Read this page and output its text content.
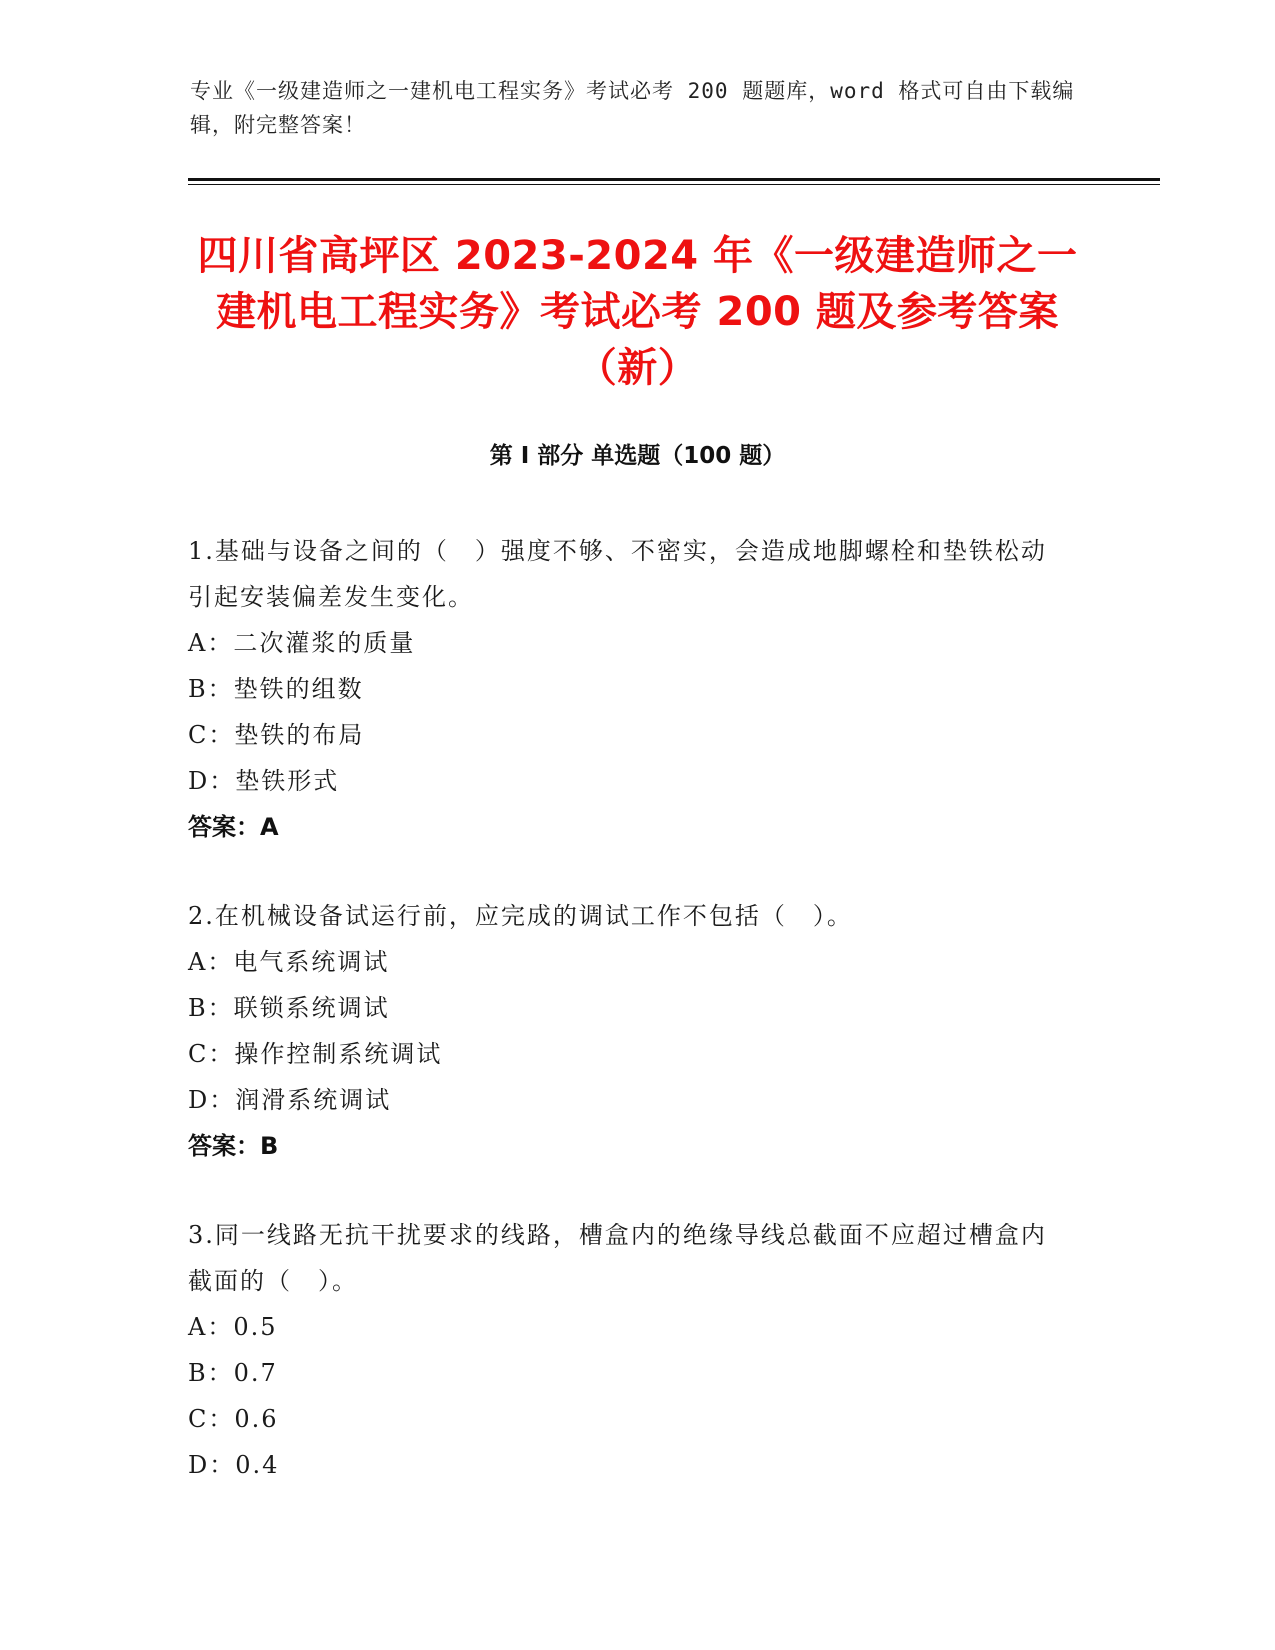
专业《一级建造师之一建机电工程实务》考试必考 200 题题库，word 格式可自由下载编辑，附完整答案！
四川省高坪区 2023-2024 年《一级建造师之一建机电工程实务》考试必考 200 题及参考答案（新）
第 I 部分 单选题（100 题）
1.基础与设备之间的（　）强度不够、不密实，会造成地脚螺栓和垫铁松动引起安装偏差发生变化。
A：二次灌浆的质量
B：垫铁的组数
C：垫铁的布局
D：垫铁形式
答案：A
2.在机械设备试运行前，应完成的调试工作不包括（　）。
A：电气系统调试
B：联锁系统调试
C：操作控制系统调试
D：润滑系统调试
答案：B
3.同一线路无抗干扰要求的线路，槽盒内的绝缘导线总截面不应超过槽盒内截面的（　）。
A：0.5
B：0.7
C：0.6
D：0.4
